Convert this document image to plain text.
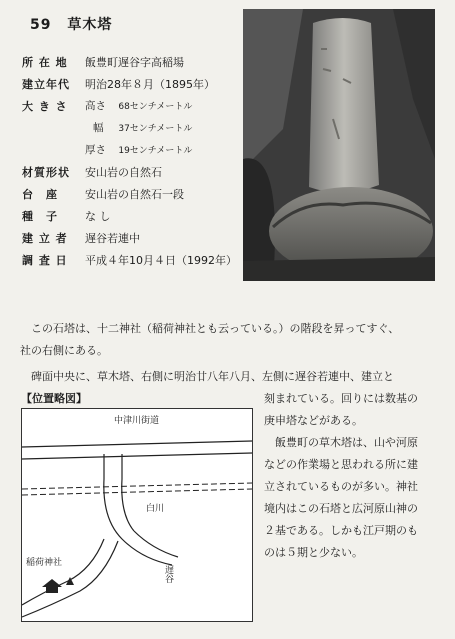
59 草木塔
所 在 地	飯豊町遅谷字高稲場
建立年代	明治28年８月（1895年）
大 き さ	高さ 68センチメートル
幅 37センチメートル
厚さ 19センチメートル
材質形状	安山岩の自然石
台　座	安山岩の自然石一段
種　子	な し
建 立 者	遅谷若連中
調 査 日	平成４年10月４日（1992年）
この石塔は、十二神社（稲荷神社とも云っている。）の階段を昇ってすぐ、
社の右側にある。
碑面中央に、草木塔、右側に明治廿八年八月、左側に遅谷若連中、建立と
【位置略図】
中津川街道
白川
稲荷神社
遅谷
刻まれている。回りには数基の
庚申塔などがある。
飯豊町の草木塔は、山や河原
などの作業場と思われる所に建
立されているものが多い。神社
境内はこの石塔と広河原山神の
２基である。しかも江戸期のも
のは５期と少ない。
